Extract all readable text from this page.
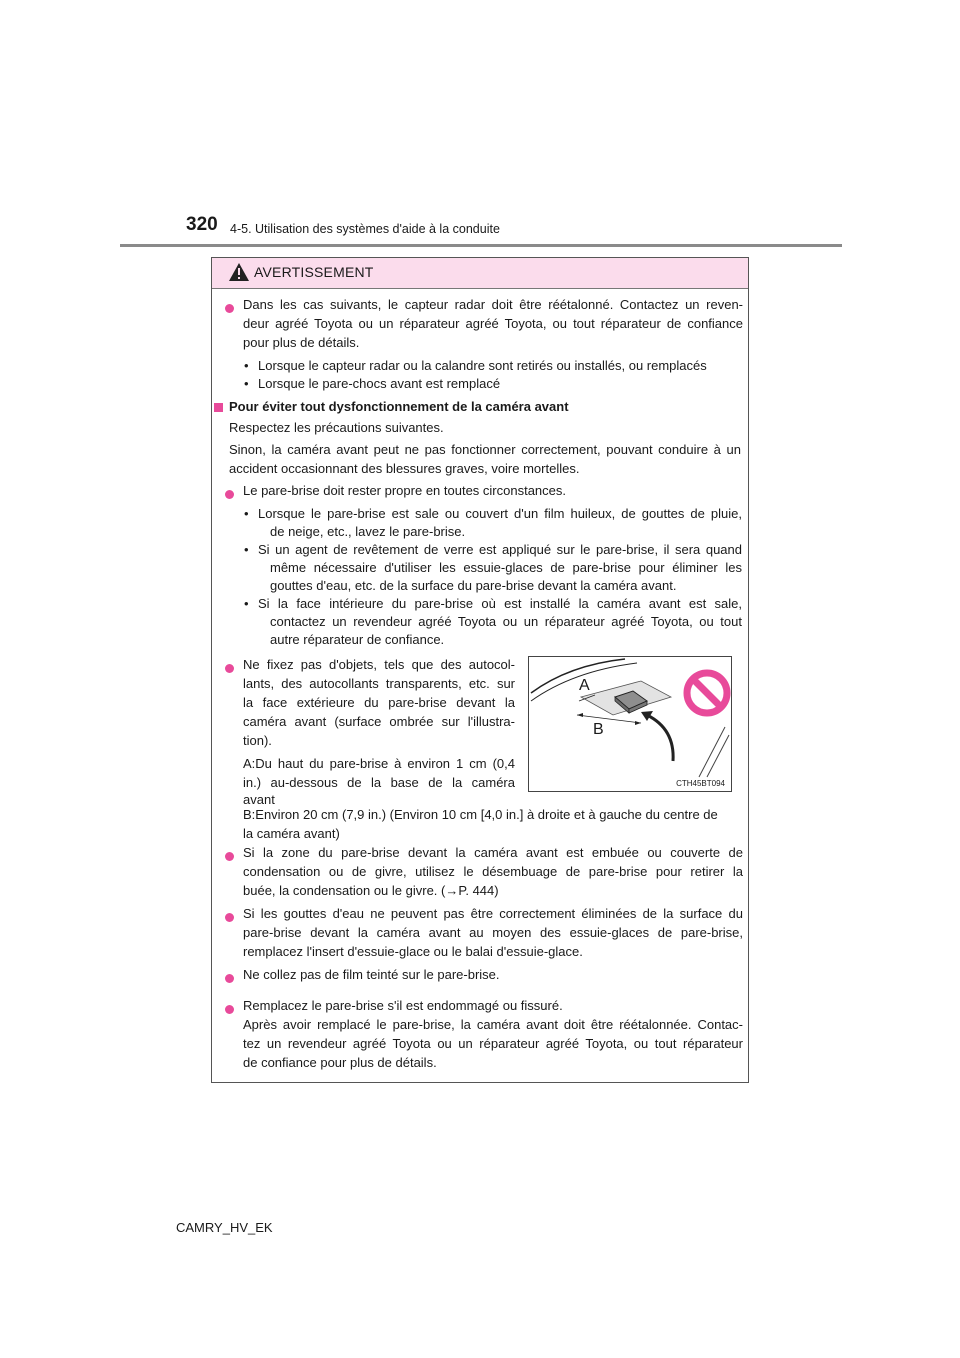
320 4-5. Utilisation des systèmes d'aide à la conduite
AVERTISSEMENT
Dans les cas suivants, le capteur radar doit être réétalonné. Contactez un reven-
deur agréé Toyota ou un réparateur agréé Toyota, ou tout réparateur de confiance
pour plus de détails.
• Lorsque le capteur radar ou la calandre sont retirés ou installés, ou remplacés
• Lorsque le pare-chocs avant est remplacé
Pour éviter tout dysfonctionnement de la caméra avant
Respectez les précautions suivantes.
Sinon, la caméra avant peut ne pas fonctionner correctement, pouvant conduire à un
accident occasionnant des blessures graves, voire mortelles.
Le pare-brise doit rester propre en toutes circonstances.
• Lorsque le pare-brise est sale ou couvert d'un film huileux, de gouttes de pluie,
de neige, etc., lavez le pare-brise.
• Si un agent de revêtement de verre est appliqué sur le pare-brise, il sera quand
même nécessaire d'utiliser les essuie-glaces de pare-brise pour éliminer les
gouttes d'eau, etc. de la surface du pare-brise devant la caméra avant.
• Si la face intérieure du pare-brise où est installé la caméra avant est sale,
contactez un revendeur agréé Toyota ou un réparateur agréé Toyota, ou tout
autre réparateur de confiance.
Ne fixez pas d'objets, tels que des autocol-
lants, des autocollants transparents, etc. sur
la face extérieure du pare-brise devant la
caméra avant (surface ombrée sur l'illustra-
tion).
A:Du haut du pare-brise à environ 1 cm (0,4
in.) au-dessous de la base de la caméra
avant
B:Environ 20 cm (7,9 in.) (Environ 10 cm [4,0 in.] à droite et à gauche du centre de
la caméra avant)
Si la zone du pare-brise devant la caméra avant est embuée ou couverte de
condensation ou de givre, utilisez le désembuage de pare-brise pour retirer la
buée, la condensation ou le givre. (→P. 444)
Si les gouttes d'eau ne peuvent pas être correctement éliminées de la surface du
pare-brise devant la caméra avant au moyen des essuie-glaces de pare-brise,
remplacez l'insert d'essuie-glace ou le balai d'essuie-glace.
Ne collez pas de film teinté sur le pare-brise.
Remplacez le pare-brise s'il est endommagé ou fissuré.
Après avoir remplacé le pare-brise, la caméra avant doit être réétalonnée. Contac-
tez un revendeur agréé Toyota ou un réparateur agréé Toyota, ou tout réparateur
de confiance pour plus de détails.
A
B
CTH45BT094
CAMRY_HV_EK
